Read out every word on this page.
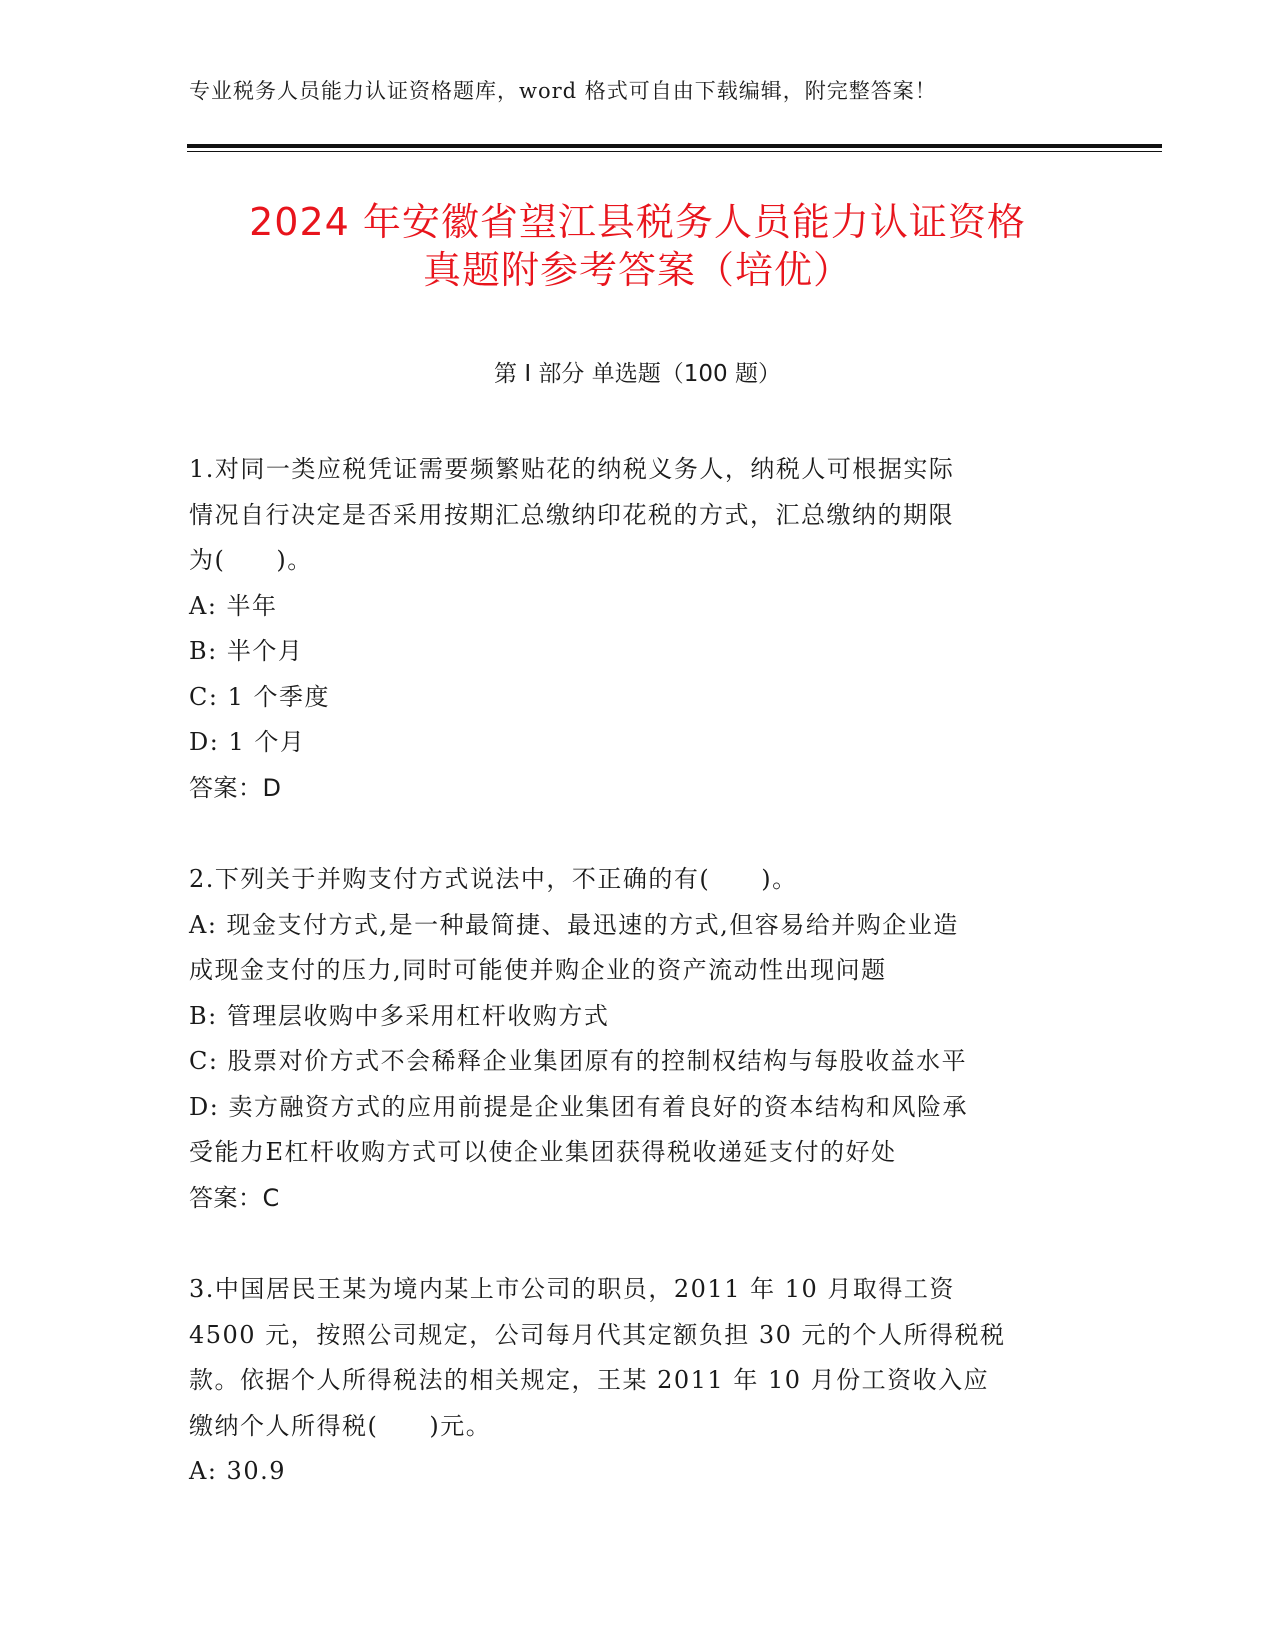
专业税务人员能力认证资格题库，word 格式可自由下载编辑，附完整答案！
2024 年安徽省望江县税务人员能力认证资格
真题附参考答案（培优）
第 I 部分 单选题（100 题）
1.对同一类应税凭证需要频繁贴花的纳税义务人，纳税人可根据实际
情况自行决定是否采用按期汇总缴纳印花税的方式，汇总缴纳的期限
为(　　)。
A: 半年
B: 半个月
C: 1 个季度
D: 1 个月
答案：D
2.下列关于并购支付方式说法中，不正确的有(　　)。
A: 现金支付方式,是一种最简捷、最迅速的方式,但容易给并购企业造
成现金支付的压力,同时可能使并购企业的资产流动性出现问题
B: 管理层收购中多采用杠杆收购方式
C: 股票对价方式不会稀释企业集团原有的控制权结构与每股收益水平
D: 卖方融资方式的应用前提是企业集团有着良好的资本结构和风险承
受能力E杠杆收购方式可以使企业集团获得税收递延支付的好处
答案：C
3.中国居民王某为境内某上市公司的职员，2011 年 10 月取得工资
4500 元，按照公司规定，公司每月代其定额负担 30 元的个人所得税税
款。依据个人所得税法的相关规定，王某 2011 年 10 月份工资收入应
缴纳个人所得税(　　)元。
A: 30.9
